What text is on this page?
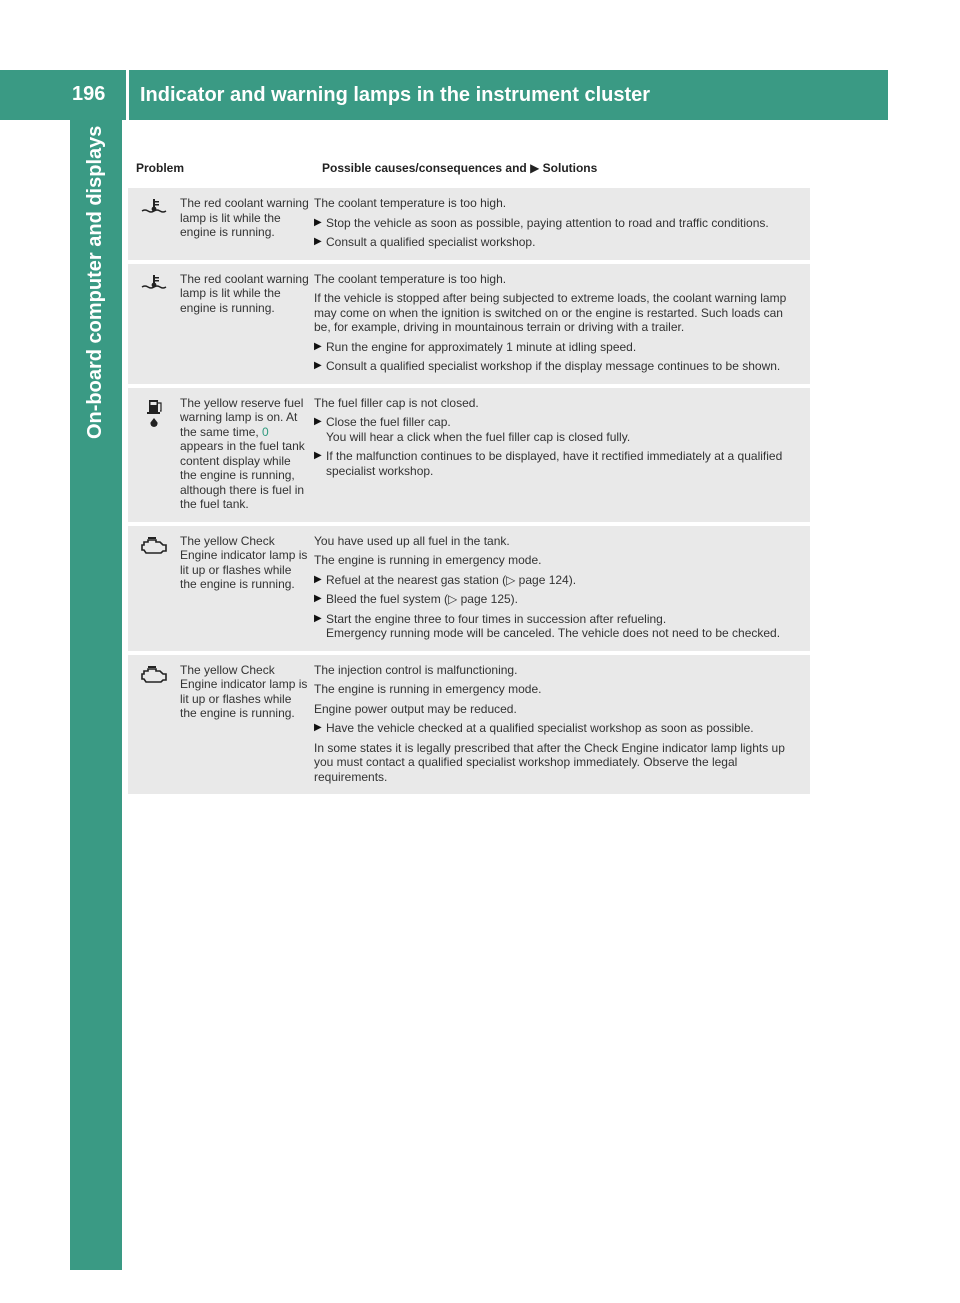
196 Indicator and warning lamps in the instrument cluster
On-board computer and displays	Problem	Possible causes/consequences and ▶ Solutions
The red coolant warning lamp is lit while the engine is running.
The coolant temperature is too high.
▶ Stop the vehicle as soon as possible, paying attention to road and traffic conditions.
▶ Consult a qualified specialist workshop.
The red coolant warning lamp is lit while the engine is running.
The coolant temperature is too high.
If the vehicle is stopped after being subjected to extreme loads, the coolant warning lamp may come on when the ignition is switched on or the engine is restarted. Such loads can be, for example, driving in mountainous terrain or driving with a trailer.
▶ Run the engine for approximately 1 minute at idling speed.
▶ Consult a qualified specialist workshop if the display message continues to be shown.
The yellow reserve fuel warning lamp is on. At the same time, 0 appears in the fuel tank content display while the engine is running, although there is fuel in the fuel tank.
The fuel filler cap is not closed.
▶ Close the fuel filler cap.
You will hear a click when the fuel filler cap is closed fully.
▶ If the malfunction continues to be displayed, have it rectified immediately at a qualified specialist workshop.
The yellow Check Engine indicator lamp is lit up or flashes while the engine is running.
You have used up all fuel in the tank.
The engine is running in emergency mode.
▶ Refuel at the nearest gas station (▷ page 124).
▶ Bleed the fuel system (▷ page 125).
▶ Start the engine three to four times in succession after refueling.
Emergency running mode will be canceled. The vehicle does not need to be checked.
The yellow Check Engine indicator lamp is lit up or flashes while the engine is running.
The injection control is malfunctioning.
The engine is running in emergency mode.
Engine power output may be reduced.
▶ Have the vehicle checked at a qualified specialist workshop as soon as possible.
In some states it is legally prescribed that after the Check Engine indicator lamp lights up you must contact a qualified specialist workshop immediately. Observe the legal requirements.
